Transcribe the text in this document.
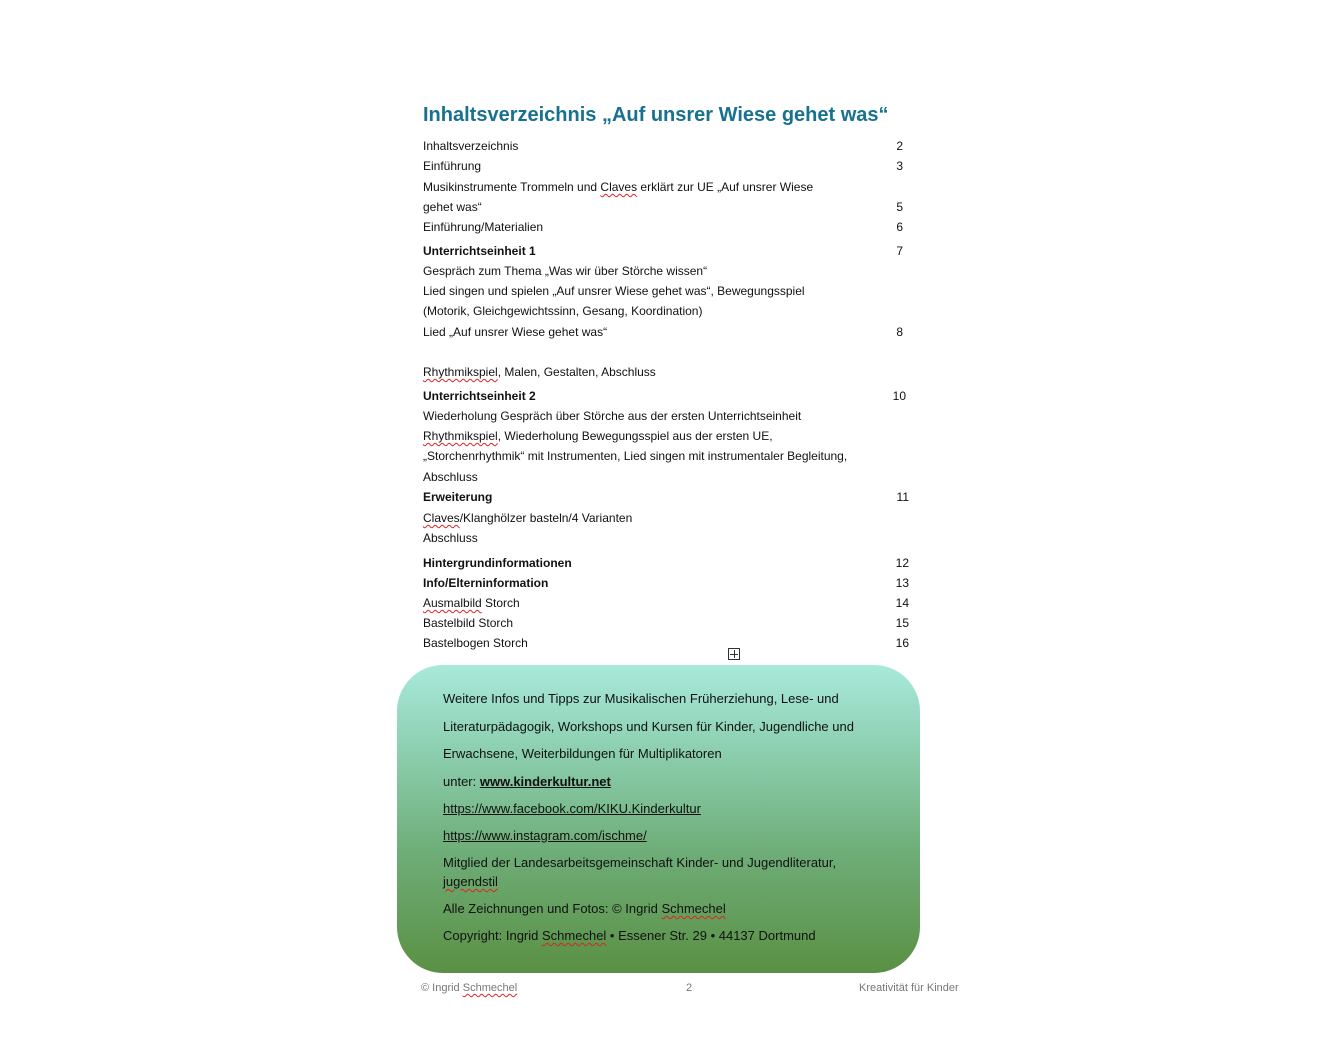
Inhaltsverzeichnis „Auf unsrer Wiese gehet was“
Inhaltsverzeichnis	2
Einführung	3
Musikinstrumente Trommeln und Claves erklärt zur UE „Auf unsrer Wiese
gehet was“	5
Einführung/Materialien	6
Unterrichtseinheit 1	7
Gespräch zum Thema „Was wir über Störche wissen“
Lied singen und spielen „Auf unsrer Wiese gehet was“, Bewegungsspiel
(Motorik, Gleichgewichtssinn, Gesang, Koordination)
Lied „Auf unsrer Wiese gehet was“	8
Rhythmikspiel, Malen, Gestalten, Abschluss
Unterrichtseinheit 2	10
Wiederholung Gespräch über Störche aus der ersten Unterrichtseinheit
Rhythmikspiel, Wiederholung Bewegungsspiel aus der ersten UE,
„Storchenrhythmik“ mit Instrumenten, Lied singen mit instrumentaler Begleitung,
Abschluss
Erweiterung	11
Claves/Klanghölzer basteln/4 Varianten
Abschluss
Hintergrundinformationen	12
Info/Elterninformation	13
Ausmalbild Storch	14
Bastelbild Storch	15
Bastelbogen Storch	16
Weitere Infos und Tipps zur Musikalischen Früherziehung, Lese- und
Literaturpädagogik, Workshops und Kursen für Kinder, Jugendliche und
Erwachsene, Weiterbildungen für Multiplikatoren
unter: www.kinderkultur.net
https://www.facebook.com/KIKU.Kinderkultur
https://www.instagram.com/ischme/
Mitglied der Landesarbeitsgemeinschaft Kinder- und Jugendliteratur,
jugendstil
Alle Zeichnungen und Fotos: © Ingrid Schmechel
Copyright: Ingrid Schmechel • Essener Str. 29 • 44137 Dortmund
© Ingrid Schmechel	2	Kreativität für Kinder
